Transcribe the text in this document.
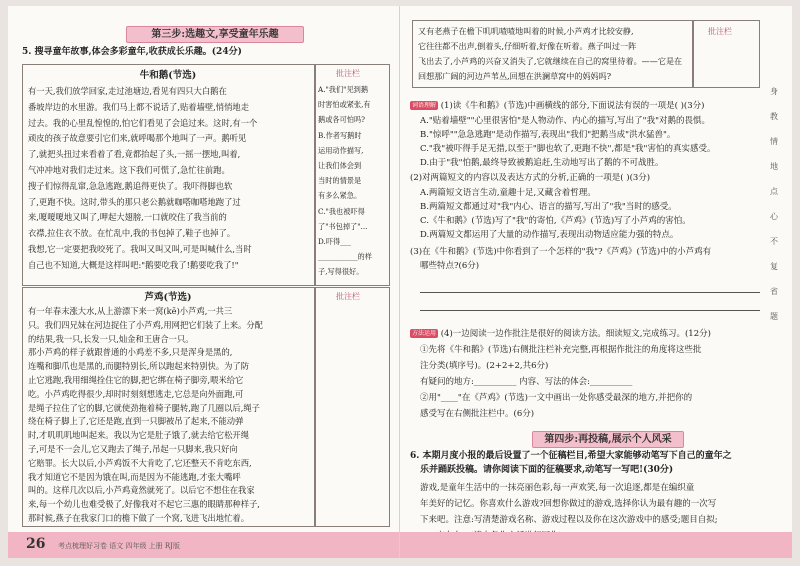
第三步:选趣文,享受童年乐趣
5. 搜寻童年故事,体会多彩童年,收获成长乐趣。(24分)
牛和鹅(节选)
有一天,我们放学回家,走过池塘边,看见有四只大白鹅在
番坡岸边的水里游。我们马上都不说话了,贴着墙壁,悄悄地走
过去。我的心里乱惶惶的,怕它们看见了会追过来。这时,有一个
顽皮的孩子故意要引它们来,就呼喝那个地叫了一声。鹅听见
了,就把头扭过来看着了看,竟都抬起了头,一摇一摆地,叫着,
气冲冲地对我们走过来。这下我们可慌了,急忙往前跑。
搜子们惊得乱窜,急急逃跑,鹅追得更快了。我吓得脚也软
了,更跑不快。这时,带头的那只老公鹅就咖嗒咖嗒地跑了过
来,嗄嗄嗄地又叫了,呷起大翅膀,一口就咬住了我当前的
衣襟,拉住衣不放。在忙乱中,我的书包掉了,鞋子也掉了。
我想,它一定要把我咬死了。我叫又叫又叫,可是叫喊什么,当时
自己也不知道,大概是这样叫吧:"鹅要吃我了!鹅要吃我了!"
批注栏
A."我们"见到鹅
时害怕或紧张,有
鹅或各可怕吗?
B.作者写鹅时
运用动作描写,
让我们体会到
当时的情景是
有多么紧急。
C."我也被吓得
了"书包掉了"...
D.吓得___
___________的样
子,写得很好。
芦鸡(节选)
有一年春末涨大水,从上游漂下来一窝(kē)小芦鸡,一共三
只。我们四兄妹在河边捉住了小芦鸡,用网把它们装了上来。分配
的结果,我一只,长发一只,灿金和王唐合一只。
那小芦鸡的样子就跟普通的小鸡差不多,只是浑身是黑的,
连嘴和脚爪也是黑的,而腿特别长,所以跑起来特别快。为了防
止它逃跑,我用细绳拴住它的脚,把它绑在椅子脚旁,喂米给它
吃。小芦鸡吃得很少,却时时刻刻想逃走,它总是向外面跑,可
是绳子拉住了它的脚,它就使劲拖着椅子腿转,跑了几圈以后,绳子
绕在椅子脚上了,它还是跑,直到一只脚被吊了起来,不能动弹
时,才叽叽叽地叫起来。我以为它是肚子饿了,就去给它松开绳
子,可是不一会儿,它又跑去了绳子,吊起一只脚来,我只好向
它赔罪。长大以后,小芦鸡饭不大肯吃了,它还整天不肯吃东西,
我才知道它不是因为饿在叫,而是因为不能逃跑,才张大嘴呼
叫的。这样几次以后,小芦鸡竟然就死了。以后它不想住在我家
来,每一个幼儿也难受极了,好像我对不起它三惠的眼睛那种样子,
那时候,燕子在我家门口的檐下做了一个窝,飞进飞出地忙着。
批注栏
26 考点梳理好习卷 语文 四年级 上册 RJ版
又有老燕子在檐下叽叽喳喳地叫着的时候,小芦鸡才比较安静,
它往往都不出声,倒着头,仔细听着,好像在听着。燕子叫过一阵
飞出去了,小芦鸡的兴奋又消失了,它就继续在自己的窝里待着。——它是在
回想那广阔的河边芦苇丛,回想在洪澜草窝中的妈妈吗?
批注栏
词语理解 (1)读《牛和鹅》(节选)中画横线的部分,下面说法有误的一项是( )(3分)
A."贴着墙壁""心里很害怕"是人物动作、内心的描写,写出了"我"对鹅的畏惧。
B."惊呼""急急逃跑"是动作描写,表现出"我们"把鹅当成"洪水猛兽"。
C."我"被吓得手足无措,以至于"脚也软了,更跑不快",都是"我"害怕的真实感受。
D.由于"我"怕鹅,最终导致被鹅追赶,生动地写出了鹅的不可战胜。
(2)对两篇短文的内容以及表达方式的分析,正确的一项是( )(3分)
A.两篇短文语言生动,童趣十足,又藏含着哲理。
B.两篇短文都通过对"我"内心、语言的描写,写出了"我"当时的感受。
C.《牛和鹅》(节选)写了"我"的寄怕,《芦鸡》(节选)写了小芦鸡的害怕。
D.两篇短文都运用了大量的动作描写,表现出动物适应能力强的特点。
(3)在《牛和鹅》(节选)中你看到了一个怎样的"我"?《芦鸡》(节选)中的小芦鸡有
哪些特点?(6分)
方法运用 (4)一边阅读一边作批注是很好的阅读方法。细读短文,完成练习。(12分)
①先将《牛和鹅》(节选)右侧批注栏补充完整,再根据作批注的角度将这些批
注分类(填序号)。(2+2+2,共6分)
有疑问的地方:__________ 内容、写法的体会:__________
②用"____"在《芦鸡》(节选)一文中画出一处你感受最深的地方,并把你的
感受写在右侧批注栏中。(6分)
第四步:再投稿,展示个人风采
6. 本期月度小报的最后设置了一个征稿栏目,希望大家能够动笔写下自己的童年之
乐并踊跃投稿。请你阅读下面的征稿要求,动笔写一写吧!(30分)
游戏,是童年生活中的一抹亮丽色彩,每一声欢笑,每一次追逐,都是在编织童
年美好的记忆。你喜欢什么游戏?回想你做过的游戏,选择你认为最有趣的一次写
下来吧。注意:写清楚游戏名称、游戏过程以及你在这次游戏中的感受;题目自拟;
身
教
情
地
点
心
不
复
省
题
